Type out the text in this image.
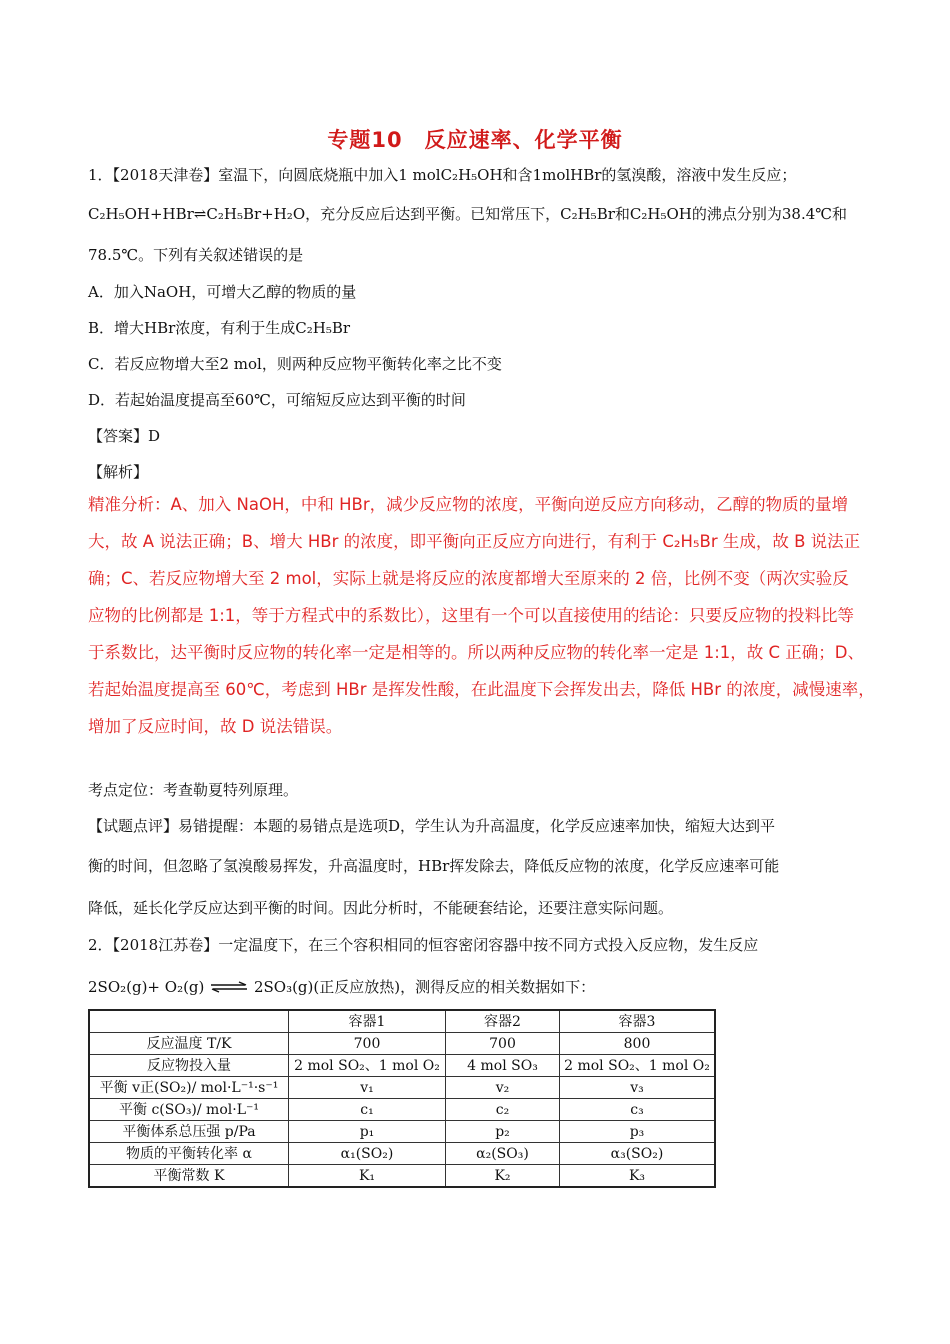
专题10　反应速率、化学平衡
1．【2018天津卷】室温下，向圆底烧瓶中加入1 molC₂H₅OH和含1molHBr的氢溴酸，溶液中发生反应；
C₂H₅OH+HBr⇌C₂H₅Br+H₂O，充分反应后达到平衡。已知常压下，C₂H₅Br和C₂H₅OH的沸点分别为38.4℃和
78.5℃。下列有关叙述错误的是
A．加入NaOH，可增大乙醇的物质的量
B．增大HBr浓度，有利于生成C₂H₅Br
C．若反应物增大至2 mol，则两种反应物平衡转化率之比不变
D．若起始温度提高至60℃，可缩短反应达到平衡的时间
【答案】D
【解析】
精准分析：A、加入 NaOH，中和 HBr，减少反应物的浓度，平衡向逆反应方向移动，乙醇的物质的量增
大，故 A 说法正确；B、增大 HBr 的浓度，即平衡向正反应方向进行，有利于 C₂H₅Br 生成，故 B 说法正
确；C、若反应物增大至 2 mol，实际上就是将反应的浓度都增大至原来的 2 倍，比例不变（两次实验反
应物的比例都是 1:1，等于方程式中的系数比），这里有一个可以直接使用的结论：只要反应物的投料比等
于系数比，达平衡时反应物的转化率一定是相等的。所以两种反应物的转化率一定是 1:1，故 C 正确；D、
若起始温度提高至 60℃，考虑到 HBr 是挥发性酸，在此温度下会挥发出去，降低 HBr 的浓度，减慢速率，
增加了反应时间，故 D 说法错误。
考点定位：考查勒夏特列原理。
【试题点评】易错提醒：本题的易错点是选项D，学生认为升高温度，化学反应速率加快，缩短大达到平
衡的时间，但忽略了氢溴酸易挥发，升高温度时，HBr挥发除去，降低反应物的浓度，化学反应速率可能
降低，延长化学反应达到平衡的时间。因此分析时，不能硬套结论，还要注意实际问题。
2．【2018江苏卷】一定温度下，在三个容积相同的恒容密闭容器中按不同方式投入反应物，发生反应
2SO₂(g)+ O₂(g) ⇌ 2SO₃(g)(正反应放热)，测得反应的相关数据如下：
	容器1	容器2	容器3
反应温度 T/K	700	700	800
反应物投入量	2 mol SO₂、1 mol O₂	4 mol SO₃	2 mol SO₂、1 mol O₂
平衡 v正(SO₂)/ mol·L⁻¹·s⁻¹	v₁	v₂	v₃
平衡 c(SO₃)/ mol·L⁻¹	c₁	c₂	c₃
平衡体系总压强 p/Pa	p₁	p₂	p₃
物质的平衡转化率 α	α₁(SO₂)	α₂(SO₃)	α₃(SO₂)
平衡常数 K	K₁	K₂	K₃
